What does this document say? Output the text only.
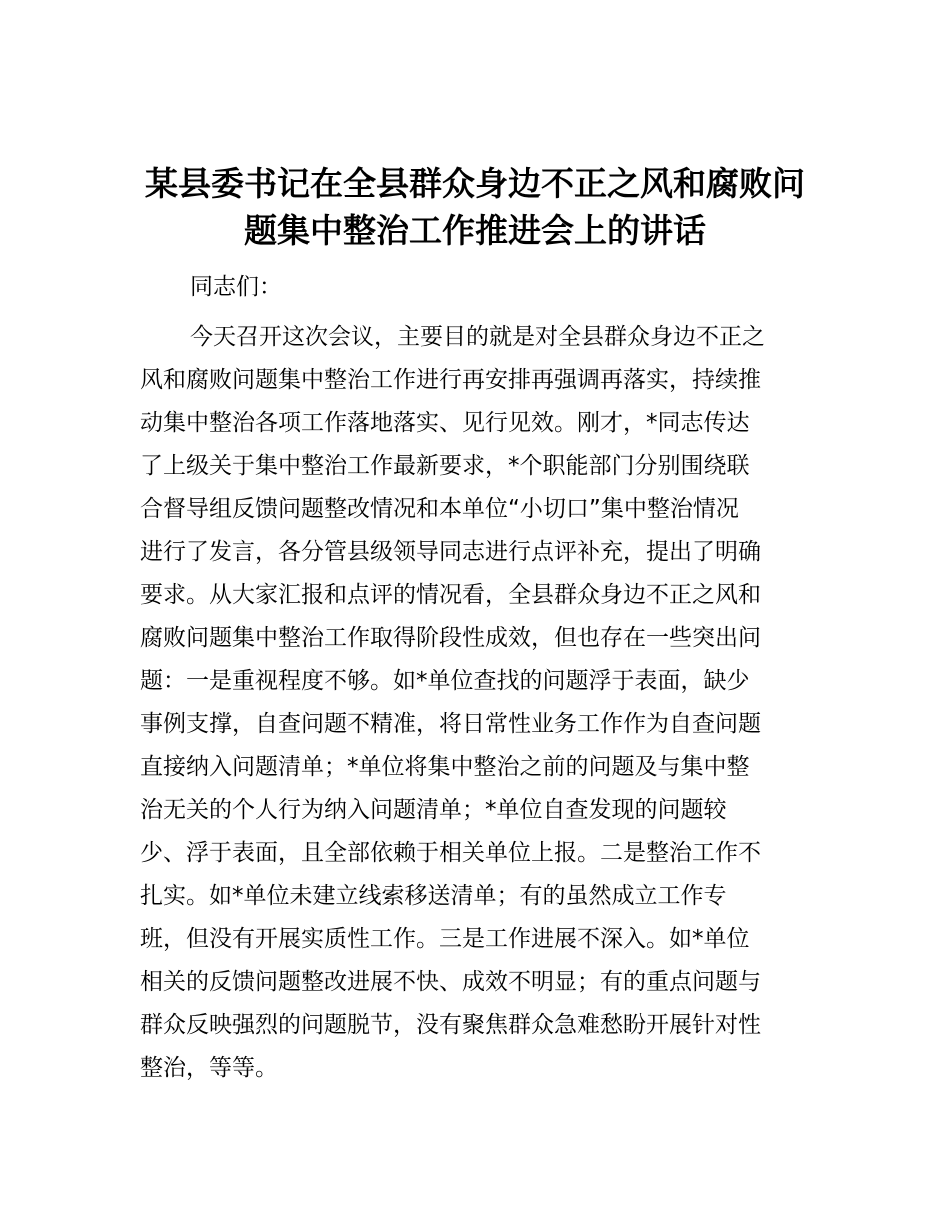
某县委书记在全县群众身边不正之风和腐败问
题集中整治工作推进会上的讲话

同志们：

今天召开这次会议，主要目的就是对全县群众身边不正之

风和腐败问题集中整治工作进行再安排再强调再落实，持续推

动集中整治各项工作落地落实、见行见效。刚才，*同志传达

了上级关于集中整治工作最新要求，*个职能部门分别围绕联

合督导组反馈问题整改情况和本单位“小切口”集中整治情况

进行了发言，各分管县级领导同志进行点评补充，提出了明确

要求。从大家汇报和点评的情况看，全县群众身边不正之风和

腐败问题集中整治工作取得阶段性成效，但也存在一些突出问

题：一是重视程度不够。如*单位查找的问题浮于表面，缺少

事例支撑，自查问题不精准，将日常性业务工作作为自查问题

直接纳入问题清单；*单位将集中整治之前的问题及与集中整

治无关的个人行为纳入问题清单；*单位自查发现的问题较

少、浮于表面，且全部依赖于相关单位上报。二是整治工作不

扎实。如*单位未建立线索移送清单；有的虽然成立工作专

班，但没有开展实质性工作。三是工作进展不深入。如*单位

相关的反馈问题整改进展不快、成效不明显；有的重点问题与

群众反映强烈的问题脱节，没有聚焦群众急难愁盼开展针对性

整治，等等。
